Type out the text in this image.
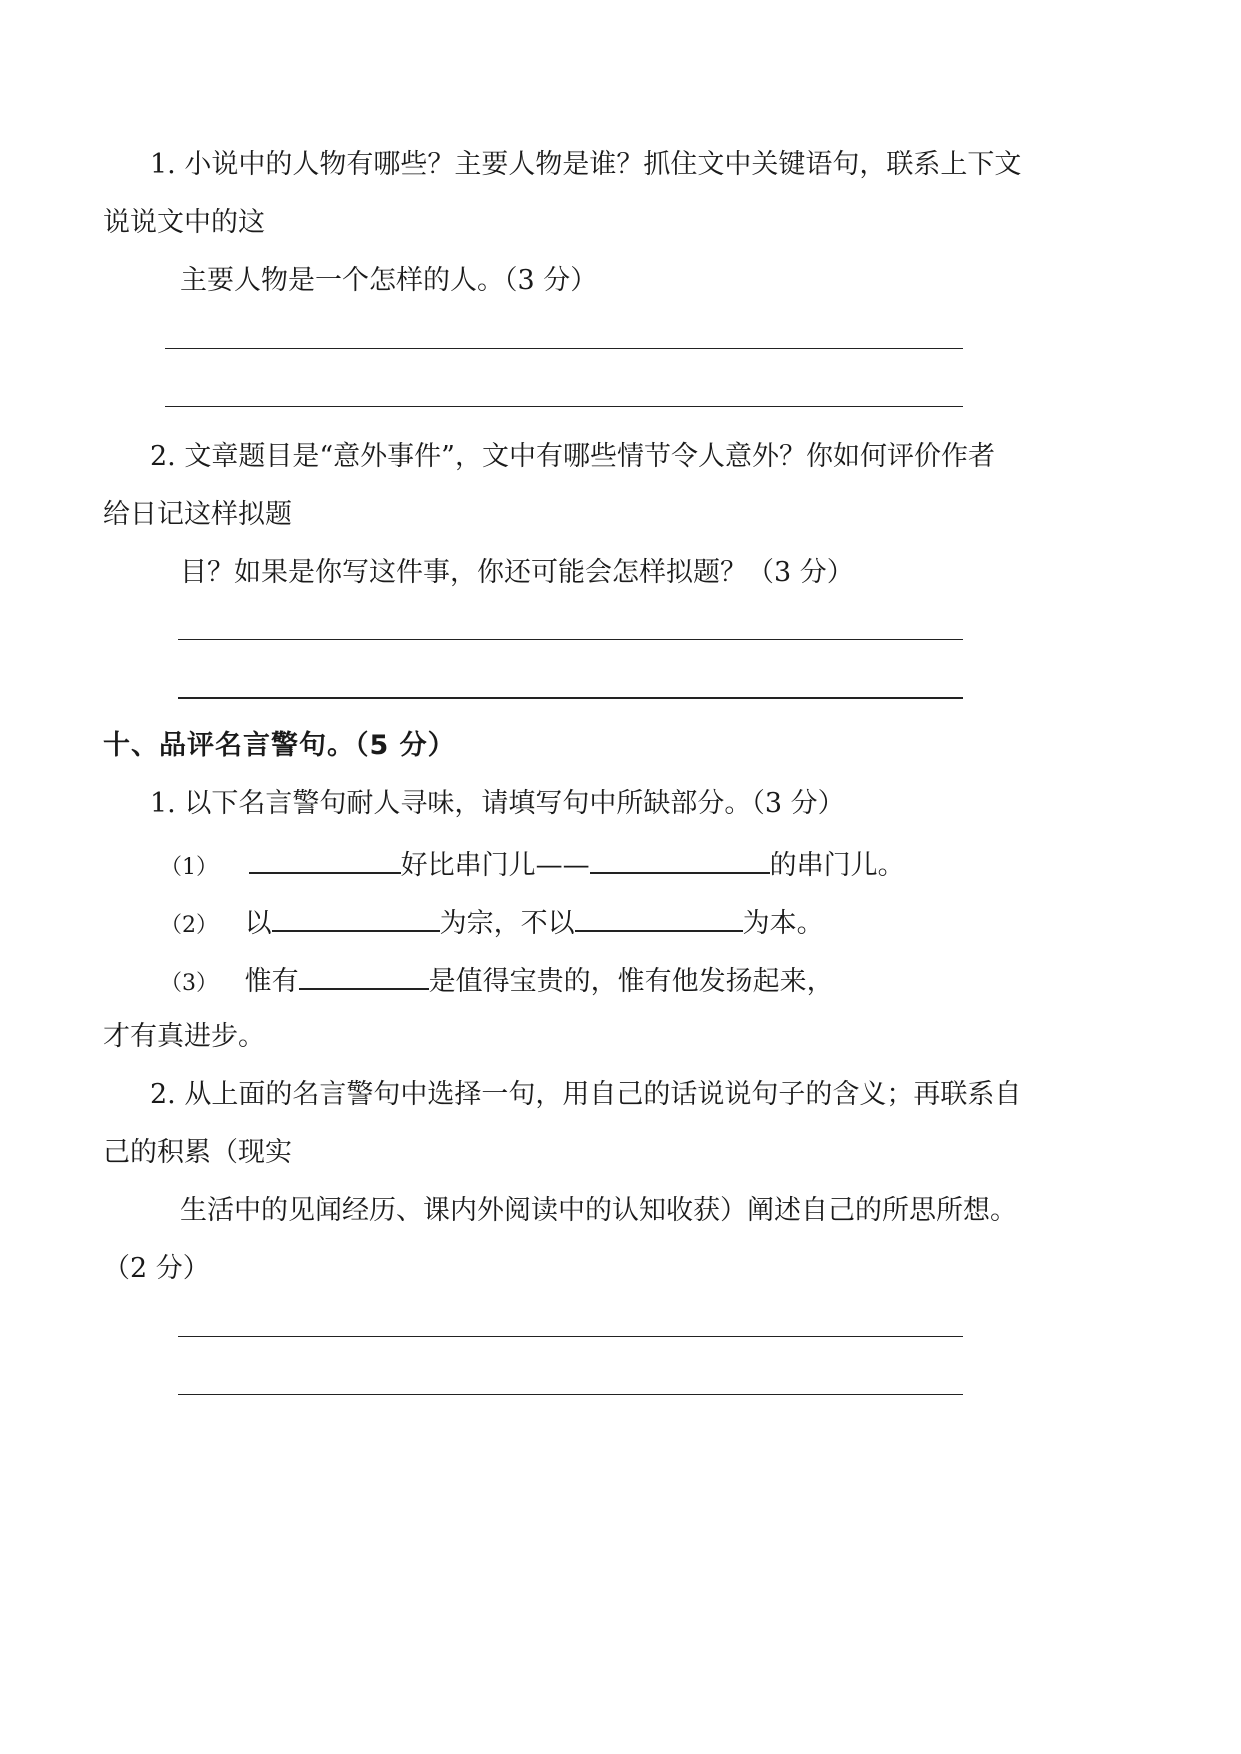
1. 小说中的人物有哪些？主要人物是谁？抓住文中关键语句，联系上下文
说说文中的这
主要人物是一个怎样的人。（3 分）
2. 文章题目是“意外事件”，文中有哪些情节令人意外？你如何评价作者
给日记这样拟题
目？如果是你写这件事，你还可能会怎样拟题？（3 分）
十、品评名言警句。（5 分）
1. 以下名言警句耐人寻味，请填写句中所缺部分。（3 分）
（1）	好比串门儿——	的串门儿。
（2） 以	为宗，不以	为本。
（3） 惟有	是值得宝贵的，惟有他发扬起来，
才有真进步。
2. 从上面的名言警句中选择一句，用自己的话说说句子的含义；再联系自
己的积累（现实
生活中的见闻经历、课内外阅读中的认知收获）阐述自己的所思所想。
（2 分）
